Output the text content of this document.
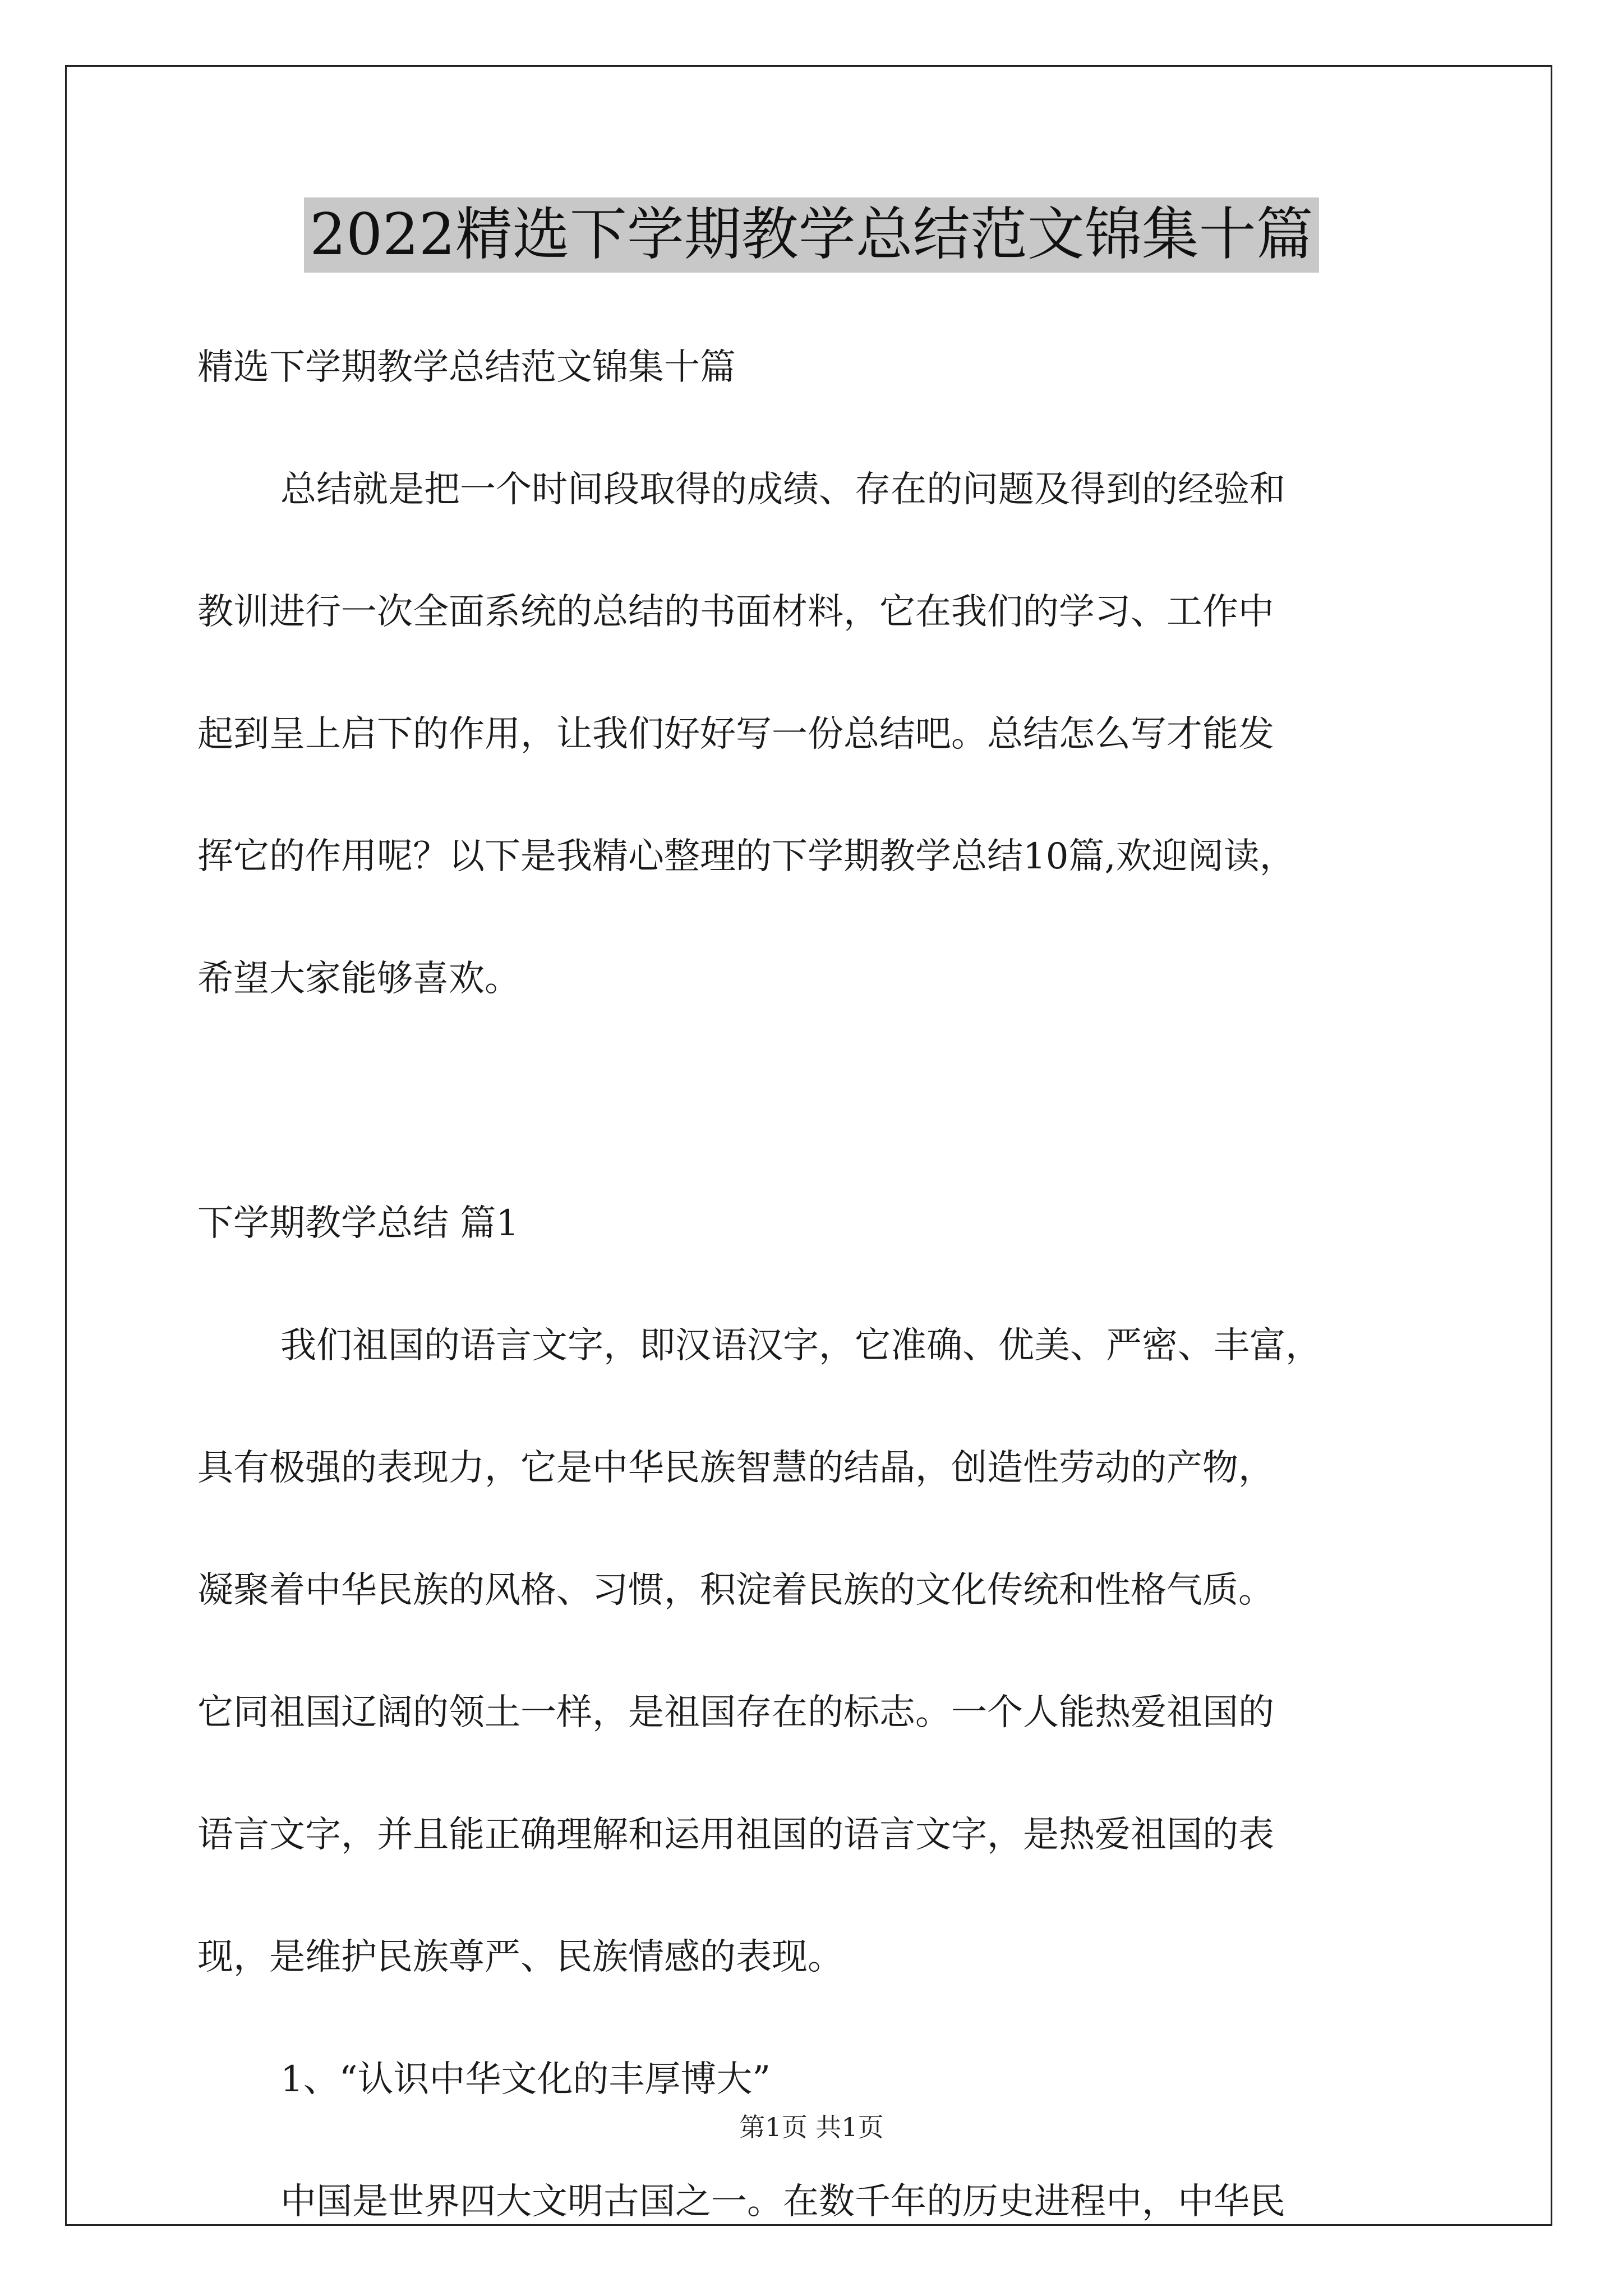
2022精选下学期教学总结范文锦集十篇

精选下学期教学总结范文锦集十篇

总结就是把一个时间段取得的成绩、存在的问题及得到的经验和

教训进行一次全面系统的总结的书面材料，它在我们的学习、工作中

起到呈上启下的作用，让我们好好写一份总结吧。总结怎么写才能发

挥它的作用呢？以下是我精心整理的下学期教学总结10篇,欢迎阅读，

希望大家能够喜欢。

下学期教学总结 篇1

我们祖国的语言文字，即汉语汉字，它准确、优美、严密、丰富，

具有极强的表现力，它是中华民族智慧的结晶，创造性劳动的产物，

凝聚着中华民族的风格、习惯，积淀着民族的文化传统和性格气质。

它同祖国辽阔的领土一样，是祖国存在的标志。一个人能热爱祖国的

语言文字，并且能正确理解和运用祖国的语言文字，是热爱祖国的表

现，是维护民族尊严、民族情感的表现。

1、“认识中华文化的丰厚博大”

中国是世界四大文明古国之一。在数千年的历史进程中，中华民

第1页 共1页
